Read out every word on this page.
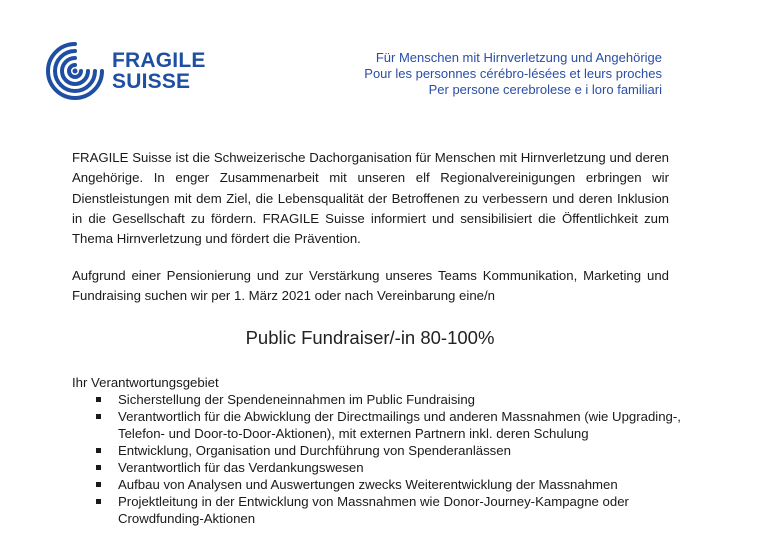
FRAGILE
SUISSE
Für Menschen mit Hirnverletzung und Angehörige
Pour les personnes cérébro-lésées et leurs proches
Per persone cerebrolese e i loro familiari

FRAGILE Suisse ist die Schweizerische Dachorganisation für Menschen mit Hirnverletzung und deren Angehörige. In enger Zusammenarbeit mit unseren elf Regionalvereinigungen erbringen wir Dienstleistungen mit dem Ziel, die Lebensqualität der Betroffenen zu verbessern und deren Inklusion in die Gesellschaft zu fördern. FRAGILE Suisse informiert und sensibilisiert die Öffentlichkeit zum Thema Hirnverletzung und fördert die Prävention.

Aufgrund einer Pensionierung und zur Verstärkung unseres Teams Kommunikation, Marketing und Fundraising suchen wir per 1. März 2021 oder nach Vereinbarung eine/n

Public Fundraiser/-in 80-100%
Ihr Verantwortungsgebiet
Sicherstellung der Spendeneinnahmen im Public Fundraising
Verantwortlich für die Abwicklung der Directmailings und anderen Massnahmen (wie Upgrading-, Telefon- und Door-to-Door-Aktionen), mit externen Partnern inkl. deren Schulung
Entwicklung, Organisation und Durchführung von Spenderanlässen
Verantwortlich für das Verdankungswesen
Aufbau von Analysen und Auswertungen zwecks Weiterentwicklung der Massnahmen
Projektleitung in der Entwicklung von Massnahmen wie Donor-Journey-Kampagne oder Crowdfunding-Aktionen
